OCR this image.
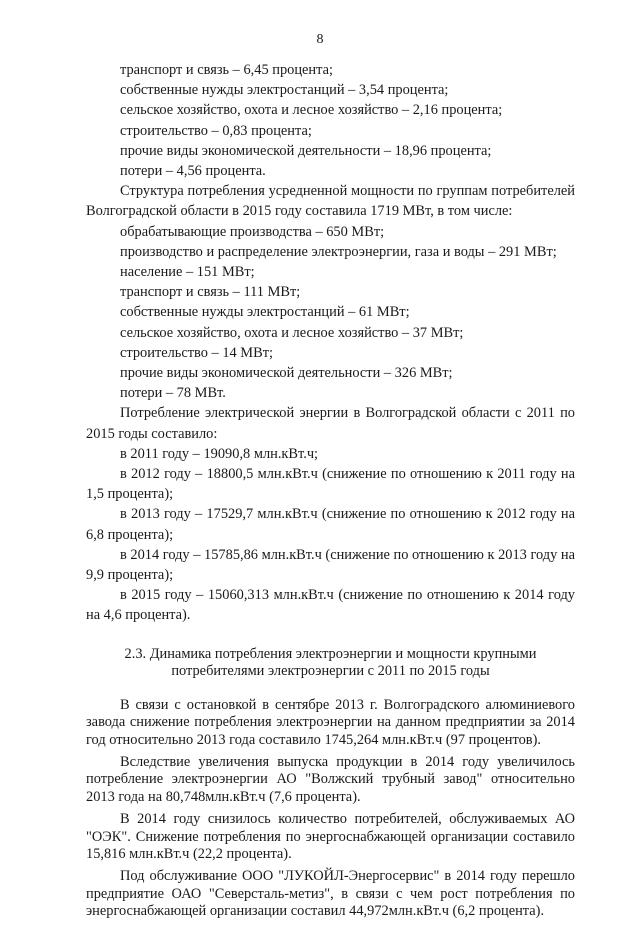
8
транспорт и связь – 6,45 процента;
собственные нужды электростанций – 3,54 процента;
сельское хозяйство, охота и лесное хозяйство – 2,16 процента;
строительство – 0,83 процента;
прочие виды экономической деятельности – 18,96 процента;
потери – 4,56 процента.
Структура потребления усредненной мощности по группам потребителей Волгоградской области в 2015 году составила 1719 МВт, в том числе:
обрабатывающие производства – 650 МВт;
производство и распределение электроэнергии, газа и воды – 291 МВт;
население – 151 МВт;
транспорт и связь – 111 МВт;
собственные нужды электростанций – 61 МВт;
сельское хозяйство, охота и лесное хозяйство – 37 МВт;
строительство – 14 МВт;
прочие виды экономической деятельности – 326 МВт;
потери – 78 МВт.
Потребление электрической энергии в Волгоградской области с 2011 по 2015 годы составило:
в 2011 году – 19090,8 млн.кВт.ч;
в 2012 году – 18800,5 млн.кВт.ч (снижение по отношению к 2011 году на 1,5 процента);
в 2013 году – 17529,7 млн.кВт.ч (снижение по отношению к 2012 году на 6,8 процента);
в 2014 году – 15785,86 млн.кВт.ч (снижение по отношению к 2013 году на 9,9 процента);
в 2015 году – 15060,313 млн.кВт.ч (снижение по отношению к 2014 году на 4,6 процента).
2.3. Динамика потребления электроэнергии и мощности крупными
потребителями электроэнергии с 2011 по 2015 годы
В связи с остановкой в сентябре 2013 г. Волгоградского алюминиевого завода снижение потребления электроэнергии на данном предприятии за 2014 год относительно 2013 года составило 1745,264 млн.кВт.ч (97 процентов).
Вследствие увеличения выпуска продукции в 2014 году увеличилось потребление электроэнергии АО "Волжский трубный завод" относительно 2013 года на 80,748млн.кВт.ч (7,6 процента).
В 2014 году снизилось количество потребителей, обслуживаемых АО "ОЭК". Снижение потребления по энергоснабжающей организации составило 15,816 млн.кВт.ч (22,2 процента).
Под обслуживание ООО "ЛУКОЙЛ-Энергосервис" в 2014 году перешло предприятие ОАО "Северсталь-метиз", в связи с чем рост потребления по энергоснабжающей организации составил 44,972млн.кВт.ч (6,2 процента).
